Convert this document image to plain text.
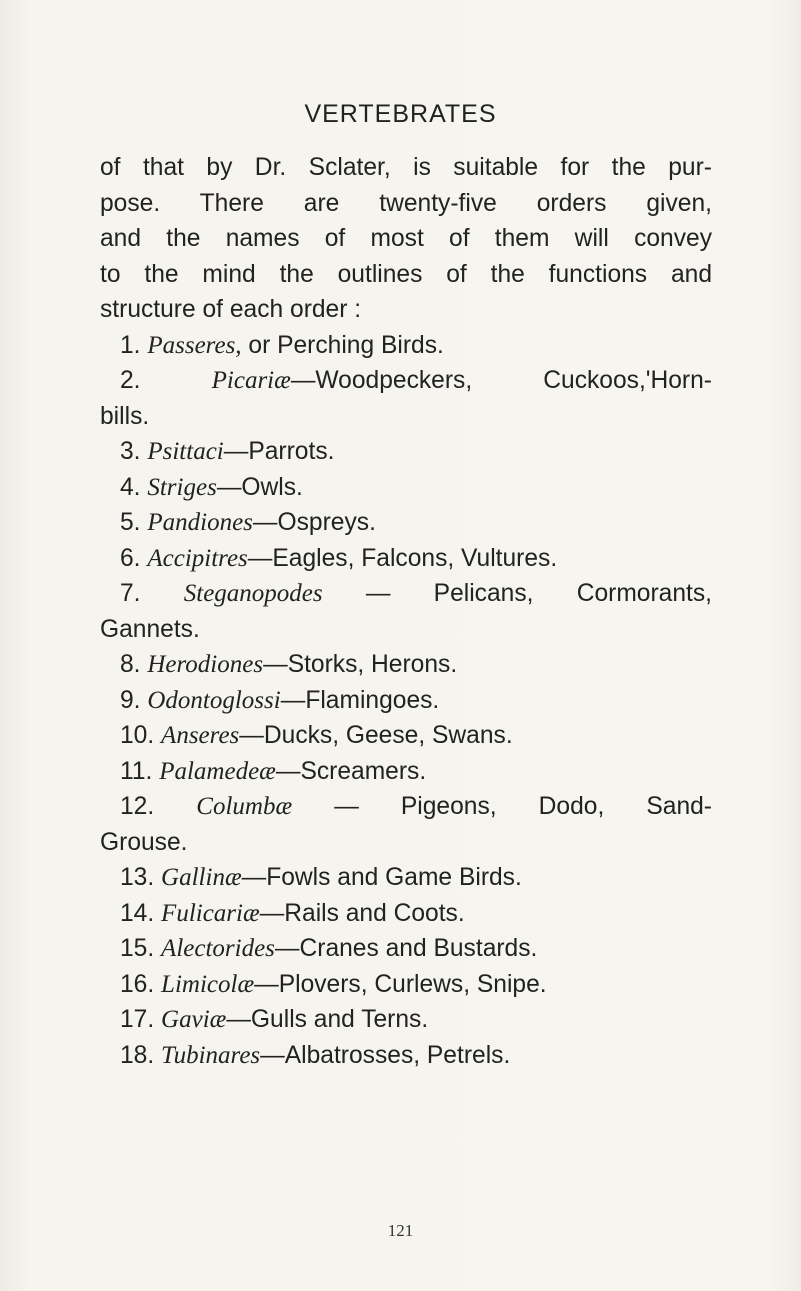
VERTEBRATES
of that by Dr. Sclater, is suitable for the pur-
pose. There are twenty-five orders given,
and the names of most of them will convey
to the mind the outlines of the functions and
structure of each order :
1. Passeres, or Perching Birds.
2.	Picariæ—Woodpeckers, Cuckoos,'Horn-
bills.
3. Psittaci—Parrots.
4. Striges—Owls.
5. Pandiones—Ospreys.
6. Accipitres—Eagles, Falcons, Vultures.
7. Steganopodes — Pelicans, Cormorants,
Gannets.
8. Herodiones—Storks, Herons.
9. Odontoglossi—Flamingoes.
10. Anseres—Ducks, Geese, Swans.
11. Palamedeæ—Screamers.
12. Columbæ — Pigeons, Dodo, Sand-
Grouse.
13. Gallinæ—Fowls and Game Birds.
14. Fulicariæ—Rails and Coots.
15. Alectorides—Cranes and Bustards.
16. Limicolæ—Plovers, Curlews, Snipe.
17. Gaviæ—Gulls and Terns.
18. Tubinares—Albatrosses, Petrels.
121
